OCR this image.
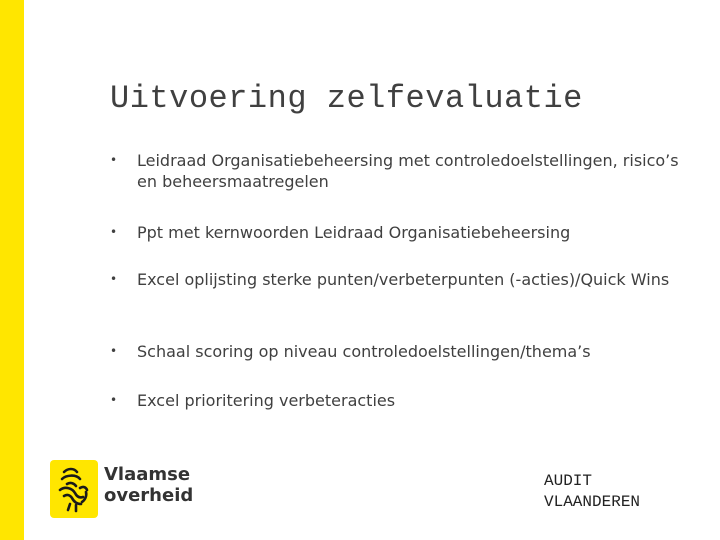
Uitvoering zelfevaluatie
•	Leidraad Organisatiebeheersing met controledoelstellingen, risico’s en beheersmaatregelen
•	Ppt met kernwoorden Leidraad Organisatiebeheersing
•	Excel oplijsting sterke punten/verbeterpunten (-acties)/Quick Wins
•	Schaal scoring op niveau controledoelstellingen/thema’s
•	Excel prioritering verbeteracties
Vlaamse
overheid
AUDIT
VLAANDEREN
